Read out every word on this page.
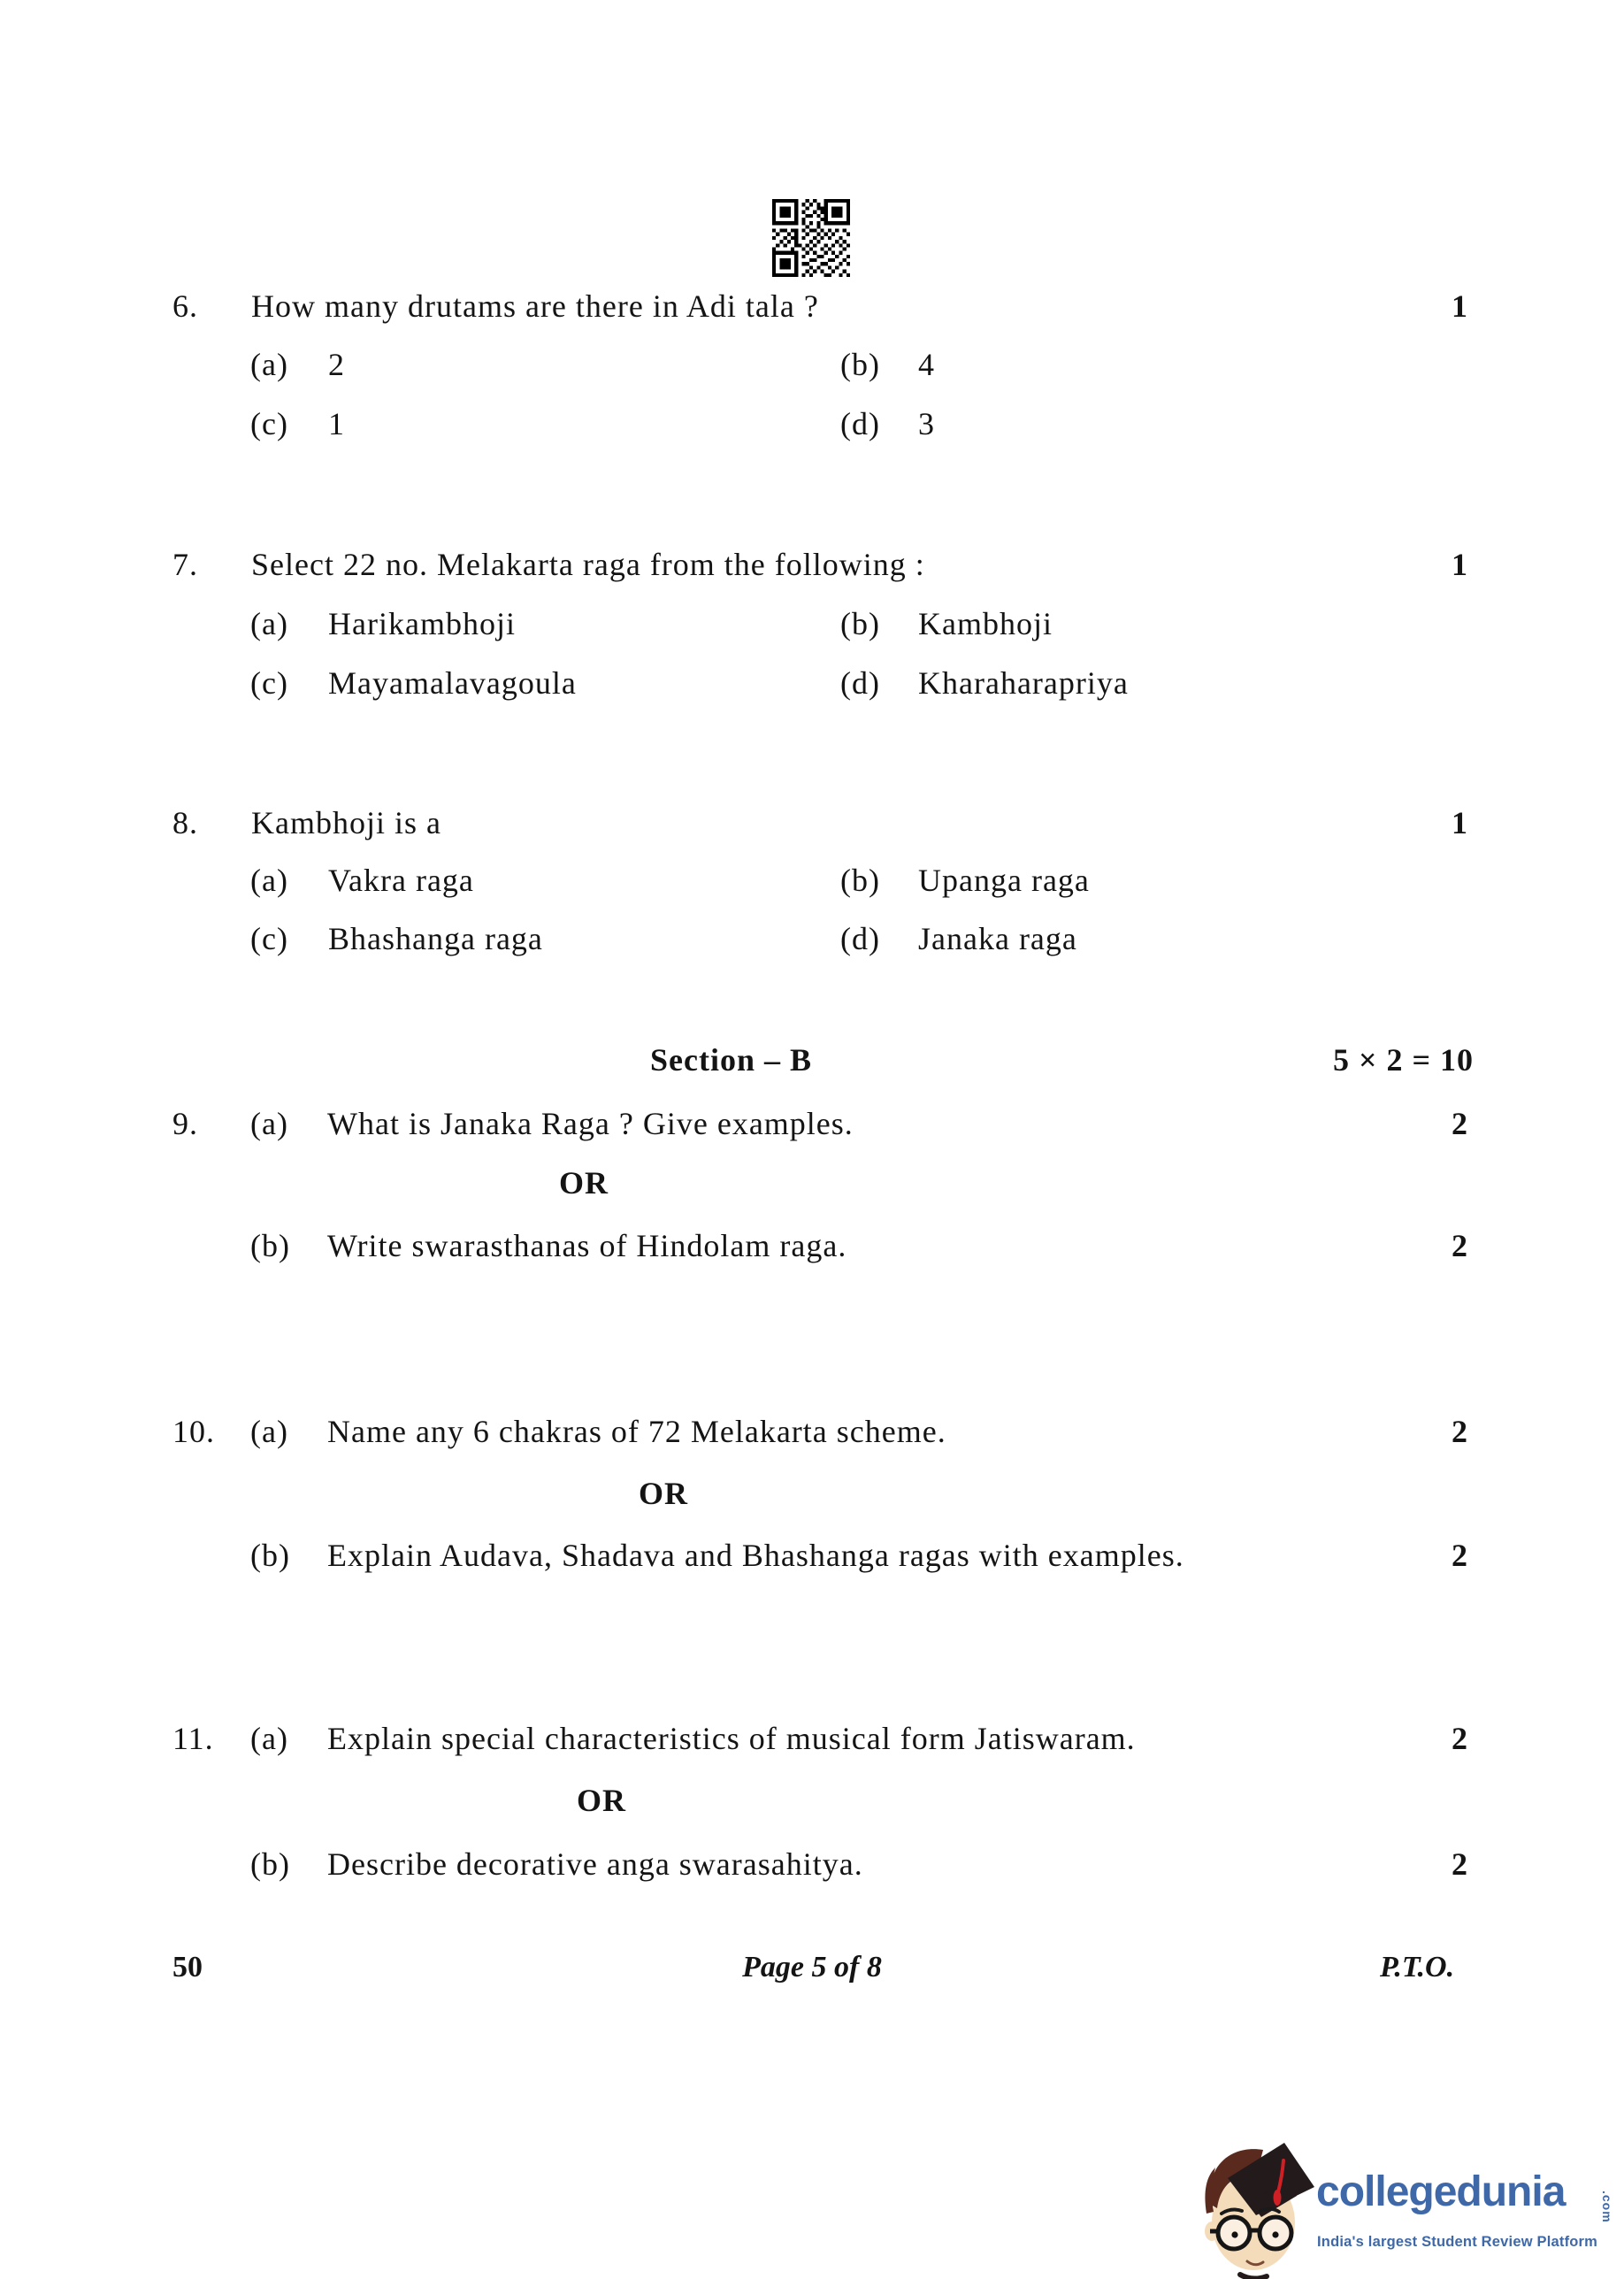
6. How many drutams are there in Adi tala ?	1
(a) 2	(b) 4
(c) 1	(d) 3
7. Select 22 no. Melakarta raga from the following :	1
(a) Harikambhoji	(b) Kambhoji
(c) Mayamalavagoula	(d) Kharaharapriya
8. Kambhoji is a	1
(a) Vakra raga	(b) Upanga raga
(c) Bhashanga raga	(d) Janaka raga
Section – B	5 × 2 = 10
9. (a) What is Janaka Raga ? Give examples.	2
OR
(b) Write swarasthanas of Hindolam raga.	2
10. (a) Name any 6 chakras of 72 Melakarta scheme.	2
OR
(b) Explain Audava, Shadava and Bhashanga ragas with examples.	2
11. (a) Explain special characteristics of musical form Jatiswaram.	2
OR
(b) Describe decorative anga swarasahitya.	2
50	Page 5 of 8	P.T.O.
collegedunia	.com
India's largest Student Review Platform
